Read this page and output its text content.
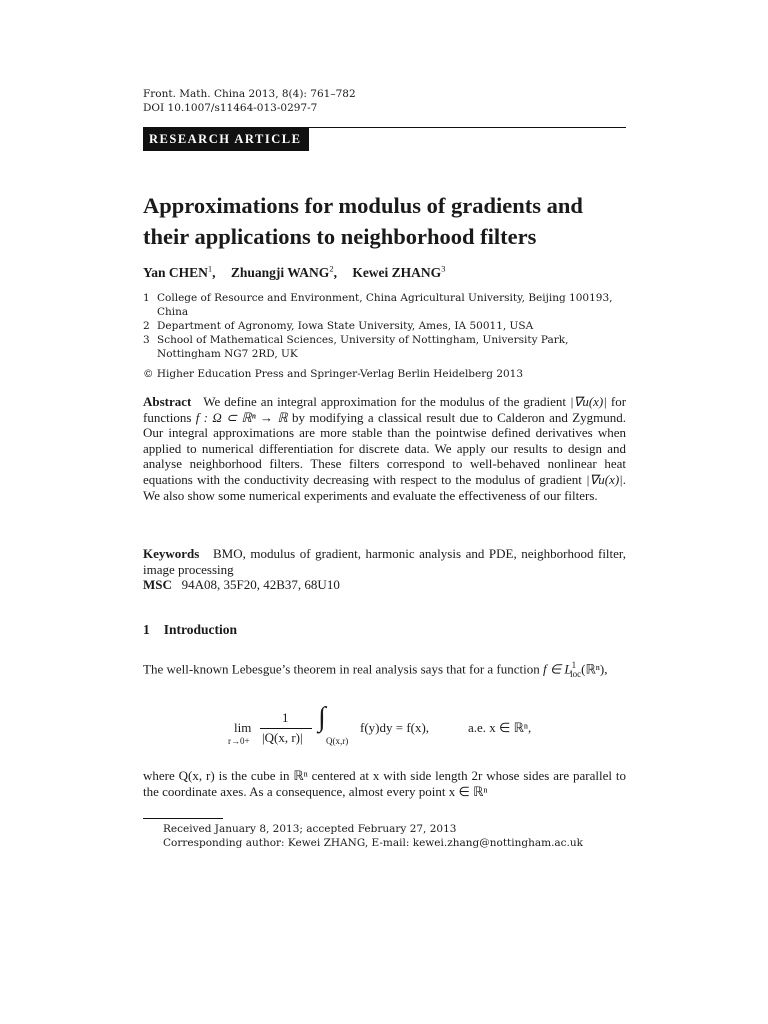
Front. Math. China 2013, 8(4): 761–782
DOI 10.1007/s11464-013-0297-7
RESEARCH ARTICLE
Approximations for modulus of gradients and
their applications to neighborhood filters
Yan CHEN$^1$, Zhuangji WANG$^2$, Kewei ZHANG$^3$
1 College of Resource and Environment, China Agricultural University, Beijing 100193, China
2 Department of Agronomy, Iowa State University, Ames, IA 50011, USA
3 School of Mathematical Sciences, University of Nottingham, University Park,
Nottingham NG7 2RD, UK
© Higher Education Press and Springer-Verlag Berlin Heidelberg 2013
Abstract We define an integral approximation for the modulus of the gradient |∇u(x)| for functions f : Ω ⊂ ℝⁿ → ℝ by modifying a classical result due to Calderon and Zygmund. Our integral approximations are more stable than the pointwise defined derivatives when applied to numerical differentiation for discrete data. We apply our results to design and analyse neighborhood filters. These filters correspond to well-behaved nonlinear heat equations with the conductivity decreasing with respect to the modulus of gradient |∇u(x)|. We also show some numerical experiments and evaluate the effectiveness of our filters.
Keywords BMO, modulus of gradient, harmonic analysis and PDE, neighborhood filter, image processing
MSC 94A08, 35F20, 42B37, 68U10
1 Introduction
The well-known Lebesgue’s theorem in real analysis says that for a function f ∈ $L^1_{loc}(ℝ^n)$,
lim
r→0+
1
|Q(x, r)|
∫
Q(x,r)
f(y)dy = f(x),	a.e. x ∈ ℝⁿ,
where Q(x, r) is the cube in ℝⁿ centered at x with side length 2r whose sides are parallel to the coordinate axes. As a consequence, almost every point x ∈ ℝⁿ
Received January 8, 2013; accepted February 27, 2013
Corresponding author: Kewei ZHANG, E-mail: kewei.zhang@nottingham.ac.uk
